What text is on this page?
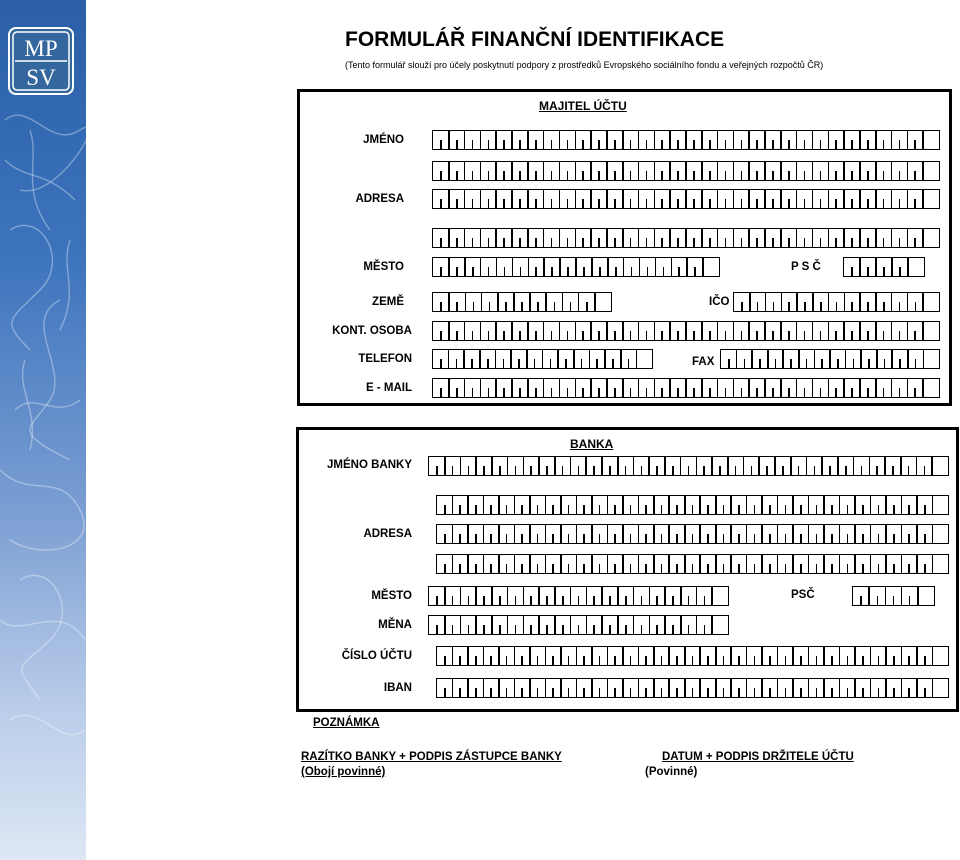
MP
SV
FORMULÁŘ FINANČNÍ IDENTIFIKACE
(Tento formulář slouží pro účely poskytnutí podpory z prostředků Evropského sociálního fondu a veřejných rozpočtů ČR)
MAJITEL ÚČTU
JMÉNO
ADRESA
MĚSTO	P S Č
ZEMĚ	IČO
KONT. OSOBA
TELEFON	FAX
E - MAIL
BANKA
JMÉNO BANKY
ADRESA
MĚSTO	PSČ
MĚNA
ČÍSLO ÚČTU
IBAN
POZNÁMKA
RAZÍTKO BANKY + PODPIS ZÁSTUPCE BANKY
(Obojí povinné)
DATUM + PODPIS DRŽITELE ÚČTU
(Povinné)
